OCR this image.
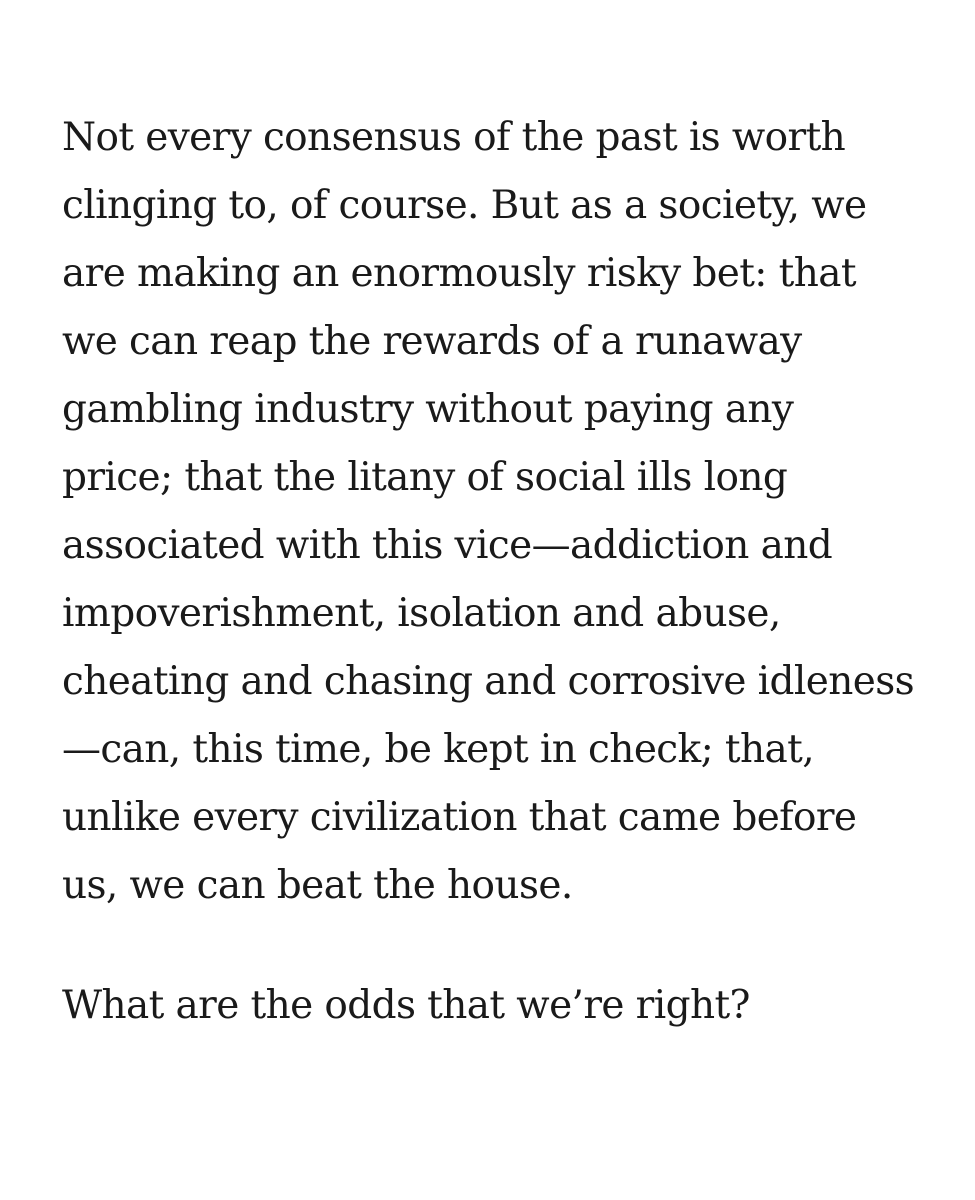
Not every consensus of the past is worth
clinging to, of course. But as a society, we
are making an enormously risky bet: that
we can reap the rewards of a runaway
gambling industry without paying any
price; that the litany of social ills long
associated with this vice—addiction and
impoverishment, isolation and abuse,
cheating and chasing and corrosive idleness
—can, this time, be kept in check; that,
unlike every civilization that came before
us, we can beat the house.
What are the odds that we’re right?
